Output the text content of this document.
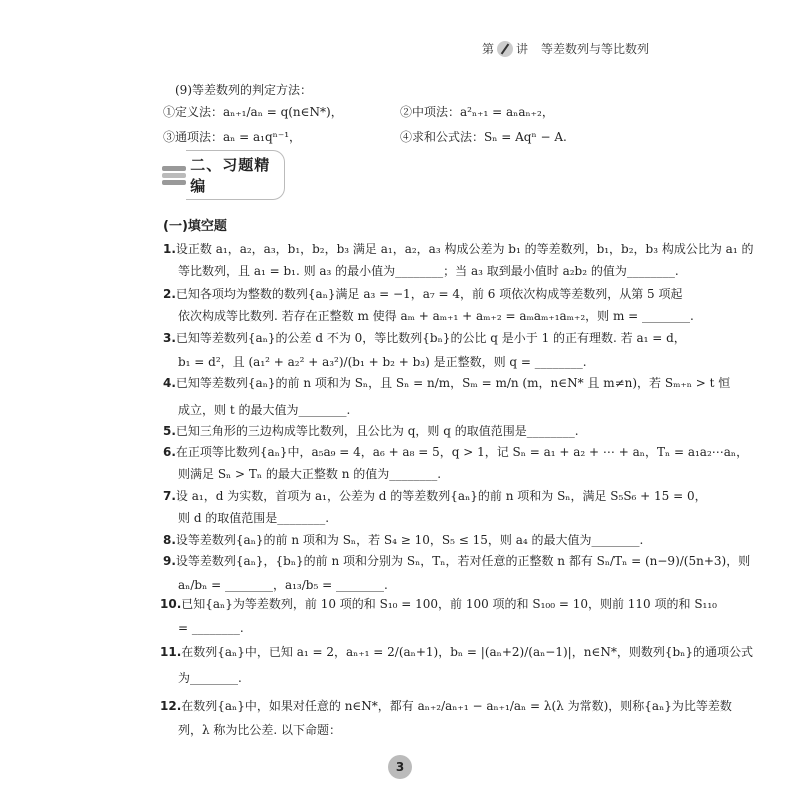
第 讲 等差数列与等比数列
(9)等差数列的判定方法：
①定义法：aₙ₊₁/aₙ = q(n∈N*)，	②中项法：a²ₙ₊₁ = aₙaₙ₊₂，
③通项法：aₙ = a₁qⁿ⁻¹，	④求和公式法：Sₙ = Aqⁿ − A.
二、习题精编
(一)填空题
1.设正数 a₁，a₂，a₃，b₁，b₂，b₃ 满足 a₁，a₂，a₃ 构成公差为 b₁ 的等差数列，b₁，b₂，b₃ 构成公比为 a₁ 的
等比数列，且 a₁ = b₁. 则 a₃ 的最小值为________；当 a₃ 取到最小值时 a₂b₂ 的值为________.
2.已知各项均为整数的数列{aₙ}满足 a₃ = −1，a₇ = 4，前 6 项依次构成等差数列，从第 5 项起
依次构成等比数列. 若存在正整数 m 使得 aₘ + aₘ₊₁ + aₘ₊₂ = aₘaₘ₊₁aₘ₊₂，则 m = ________.
3.已知等差数列{aₙ}的公差 d 不为 0，等比数列{bₙ}的公比 q 是小于 1 的正有理数. 若 a₁ = d，
b₁ = d²，且 (a₁² + a₂² + a₃²)/(b₁ + b₂ + b₃) 是正整数，则 q = ________.
4.已知等差数列{aₙ}的前 n 项和为 Sₙ，且 Sₙ = n/m，Sₘ = m/n (m，n∈N* 且 m≠n)，若 Sₘ₊ₙ > t 恒
成立，则 t 的最大值为________.
5.已知三角形的三边构成等比数列，且公比为 q，则 q 的取值范围是________.
6.在正项等比数列{aₙ}中，a₅a₉ = 4，a₆ + a₈ = 5，q > 1，记 Sₙ = a₁ + a₂ + ⋯ + aₙ，Tₙ = a₁a₂⋯aₙ，
则满足 Sₙ > Tₙ 的最大正整数 n 的值为________.
7.设 a₁，d 为实数，首项为 a₁，公差为 d 的等差数列{aₙ}的前 n 项和为 Sₙ，满足 S₅S₆ + 15 = 0，
则 d 的取值范围是________.
8.设等差数列{aₙ}的前 n 项和为 Sₙ，若 S₄ ≥ 10，S₅ ≤ 15，则 a₄ 的最大值为________.
9.设等差数列{aₙ}，{bₙ}的前 n 项和分别为 Sₙ，Tₙ，若对任意的正整数 n 都有 Sₙ/Tₙ = (n−9)/(5n+3)，则
aₙ/bₙ = ________，a₁₃/b₅ = ________.
10.已知{aₙ}为等差数列，前 10 项的和 S₁₀ = 100，前 100 项的和 S₁₀₀ = 10，则前 110 项的和 S₁₁₀
= ________.
11.在数列{aₙ}中，已知 a₁ = 2，aₙ₊₁ = 2/(aₙ+1)，bₙ = |(aₙ+2)/(aₙ−1)|，n∈N*，则数列{bₙ}的通项公式
为________.
12.在数列{aₙ}中，如果对任意的 n∈N*，都有 aₙ₊₂/aₙ₊₁ − aₙ₊₁/aₙ = λ(λ 为常数)，则称{aₙ}为比等差数
列，λ 称为比公差. 以下命题：
3
